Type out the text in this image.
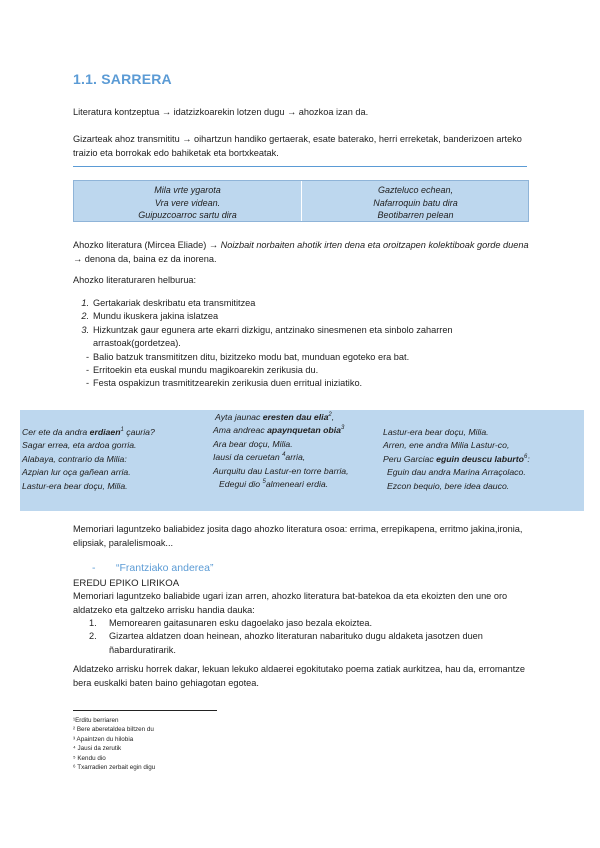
1.1. SARRERA

Literatura kontzeptua → idatzizkoarekin lotzen dugu → ahozkoa izan da.

Gizarteak ahoz transmititu → oihartzun handiko gertaerak, esate baterako, herri erreketak, banderizoen arteko traizio eta borrokak edo bahiketak eta bortxkeatak.

Mila vrte ygarota
Vra vere videan.
Guipuzcoarroc sartu dira
Gazteluco echean,
Nafarroquin batu dira
Beotibarren pelean

Ahozko literatura (Mircea Eliade) → Noizbait norbaiten ahotik irten dena eta oroitzapen kolektiboak gorde duena → denona da, baina ez da inorena.

Ahozko literaturaren helburua:

1. Gertakariak deskribatu eta transmititzea
2. Mundu ikuskera jakina islatzea
3. Hizkuntzak gaur egunera arte ekarri dizkigu, antzinako sinesmenen eta sinbolo zaharren arrastoak(gordetzea).
- Balio batzuk transmititzen ditu, bizitzeko modu bat, munduan egoteko era bat.
- Erritoekin eta euskal mundu magikoarekin zerikusia du.
- Festa ospakizun trasmititzearekin zerikusia duen erritual iniziatiko.
Cer ete da andra erdiaen$^1$ çauria?
Sagar errea, eta ardoa gorria.
Alabaya, contrario da Milia:
Azpian lur oça gañean arria.
Lastur-era bear doçu, Milia.
Ayta jaunac eresten dau elia$^2$,
Ama andreac apaynquetan obia$^3$
Ara bear doçu, Milia.
Iausi da ceruetan $^4$arria,
Aurquitu dau Lastur-en torre barria,
Edegui dio $^5$almeneari erdia.
Lastur-era bear doçu, Milia.
Arren, ene andra Milia Lastur-co,
Peru Garciac eguin deuscu laburto$^6$:
Eguin dau andra Marina Arraçolaco.
Ezcon bequio, bere idea dauco.

Memoriari laguntzeko baliabidez josita dago ahozko literatura osoa: errima, errepikapena, erritmo jakina,ironia, elipsiak, paralelismoak...

- “Frantziako anderea”

EREDU EPIKO LIRIKOA

Memoriari laguntzeko baliabide ugari izan arren, ahozko literatura bat-batekoa da eta ekoizten den une oro aldatzeko eta galtzeko arrisku handia dauka:

1. Memorearen gaitasunaren esku dagoelako jaso bezala ekoiztea.
2. Gizartea aldatzen doan heinean, ahozko literaturan nabarituko dugu aldaketa jasotzen duen ñabarduratirarik.

Aldatzeko arrisku horrek dakar, lekuan lekuko aldaerei egokitutako poema zatiak aurkitzea, hau da, erromantze bera euskalki baten baino gehiagotan egotea.

¹Erditu berriaren
² Bere aberetaldea biltzen du
³ Apaintzen du hilobia
⁴ Jausi da zerutik
⁵ Kendu dio
⁶ Txarradien zerbait egin digu
